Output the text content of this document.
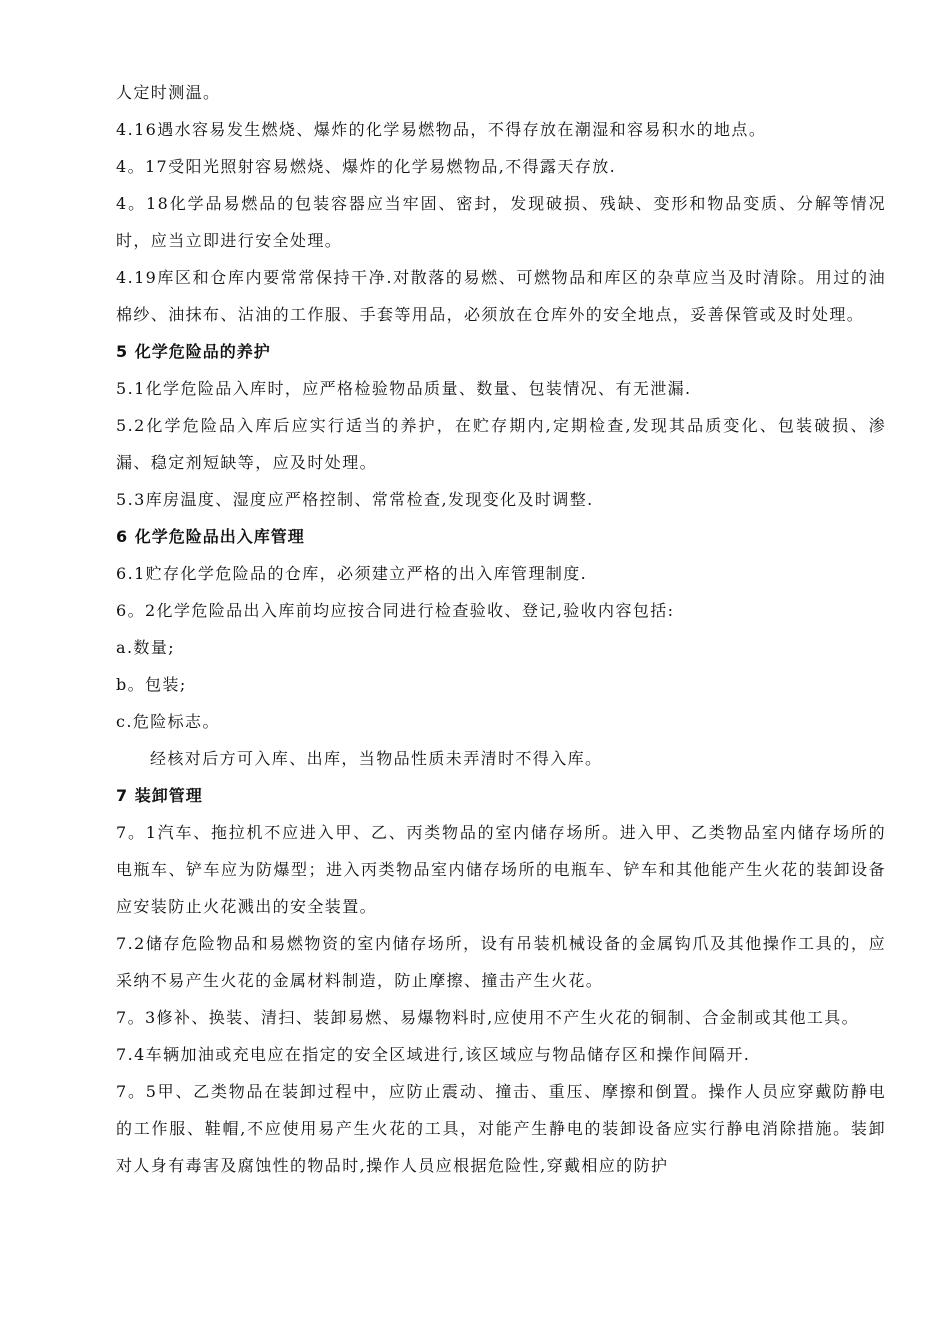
人定时测温。

4.16遇水容易发生燃烧、爆炸的化学易燃物品，不得存放在潮湿和容易积水的地点。

4。17受阳光照射容易燃烧、爆炸的化学易燃物品,不得露天存放.

4。18化学品易燃品的包装容器应当牢固、密封，发现破损、残缺、变形和物品变质、分解等情况时，应当立即进行安全处理。

4.19库区和仓库内要常常保持干净.对散落的易燃、可燃物品和库区的杂草应当及时清除。用过的油棉纱、油抹布、沾油的工作服、手套等用品，必须放在仓库外的安全地点，妥善保管或及时处理。

5 化学危险品的养护

5.1化学危险品入库时，应严格检验物品质量、数量、包装情况、有无泄漏.

5.2化学危险品入库后应实行适当的养护，在贮存期内,定期检查,发现其品质变化、包装破损、渗漏、稳定剂短缺等，应及时处理。

5.3库房温度、湿度应严格控制、常常检查,发现变化及时调整.

6 化学危险品出入库管理

6.1贮存化学危险品的仓库，必须建立严格的出入库管理制度.

6。2化学危险品出入库前均应按合同进行检查验收、登记,验收内容包括:

a.数量;

b。包装;

c.危险标志。

经核对后方可入库、出库，当物品性质未弄清时不得入库。

7 装卸管理

7。1汽车、拖拉机不应进入甲、乙、丙类物品的室内储存场所。进入甲、乙类物品室内储存场所的电瓶车、铲车应为防爆型；进入丙类物品室内储存场所的电瓶车、铲车和其他能产生火花的装卸设备应安装防止火花溅出的安全装置。

7.2储存危险物品和易燃物资的室内储存场所，设有吊装机械设备的金属钩爪及其他操作工具的，应采纳不易产生火花的金属材料制造，防止摩擦、撞击产生火花。

7。3修补、换装、清扫、装卸易燃、易爆物料时,应使用不产生火花的铜制、合金制或其他工具。

7.4车辆加油或充电应在指定的安全区域进行,该区域应与物品储存区和操作间隔开.

7。5甲、乙类物品在装卸过程中，应防止震动、撞击、重压、摩擦和倒置。操作人员应穿戴防静电的工作服、鞋帽,不应使用易产生火花的工具，对能产生静电的装卸设备应实行静电消除措施。装卸对人身有毒害及腐蚀性的物品时,操作人员应根据危险性,穿戴相应的防护
